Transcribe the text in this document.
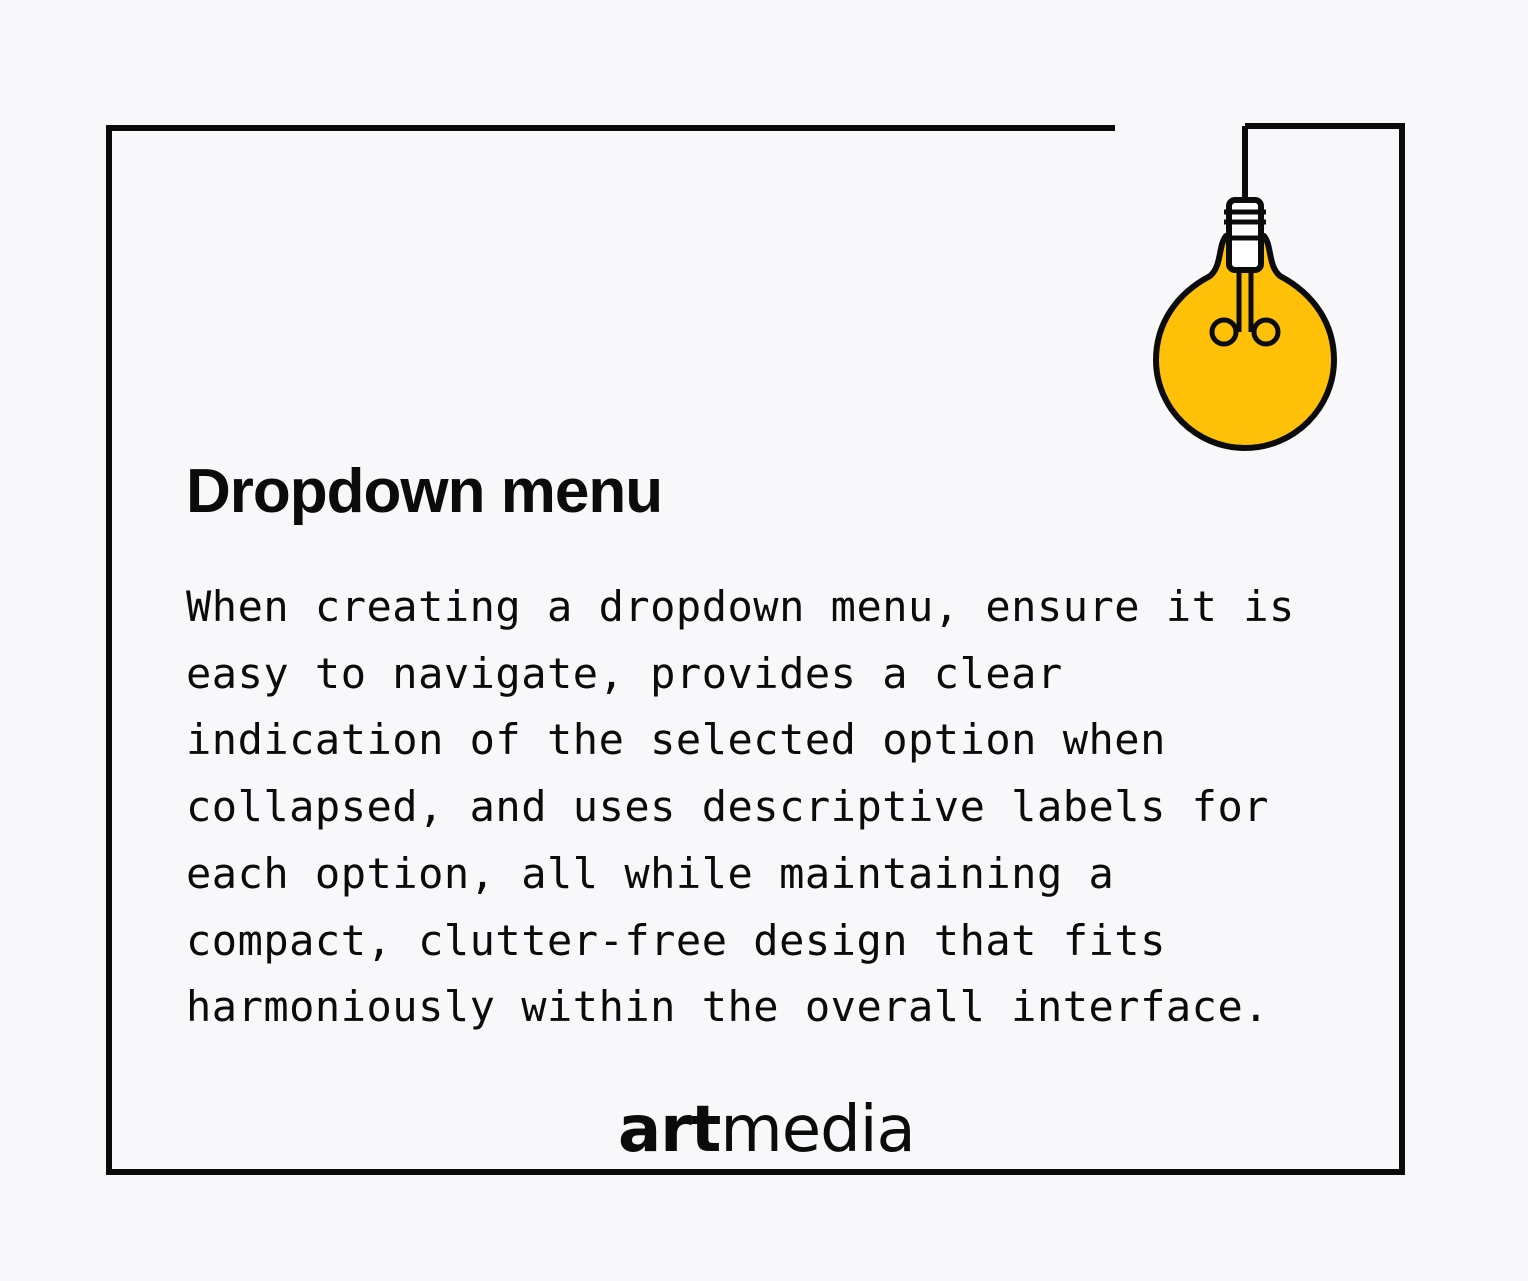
Dropdown menu
When creating a dropdown menu, ensure it is
easy to navigate, provides a clear
indication of the selected option when
collapsed, and uses descriptive labels for
each option, all while maintaining a
compact, clutter-free design that fits
harmoniously within the overall interface.
artmedia
